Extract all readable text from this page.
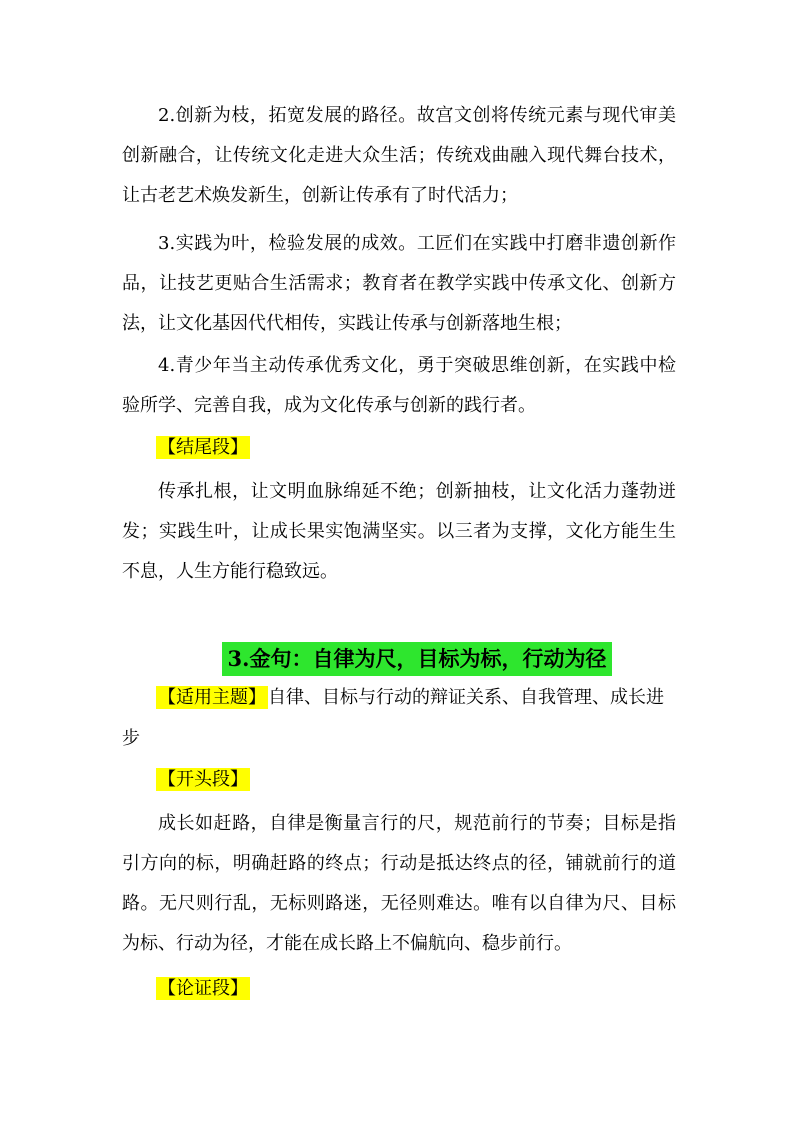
2.创新为枝，拓宽发展的路径。故宫文创将传统元素与现代审美创新融合，让传统文化走进大众生活；传统戏曲融入现代舞台技术，让古老艺术焕发新生，创新让传承有了时代活力；

3.实践为叶，检验发展的成效。工匠们在实践中打磨非遗创新作品，让技艺更贴合生活需求；教育者在教学实践中传承文化、创新方法，让文化基因代代相传，实践让传承与创新落地生根；

4.青少年当主动传承优秀文化，勇于突破思维创新，在实践中检验所学、完善自我，成为文化传承与创新的践行者。

【结尾段】

传承扎根，让文明血脉绵延不绝；创新抽枝，让文化活力蓬勃迸发；实践生叶，让成长果实饱满坚实。以三者为支撑，文化方能生生不息，人生方能行稳致远。

3.金句：自律为尺，目标为标，行动为径
【适用主题】 自律、目标与行动的辩证关系、自我管理、成长进
步
【开头段】

成长如赶路，自律是衡量言行的尺，规范前行的节奏；目标是指引方向的标，明确赶路的终点；行动是抵达终点的径，铺就前行的道路。无尺则行乱，无标则路迷，无径则难达。唯有以自律为尺、目标为标、行动为径，才能在成长路上不偏航向、稳步前行。

【论证段】
